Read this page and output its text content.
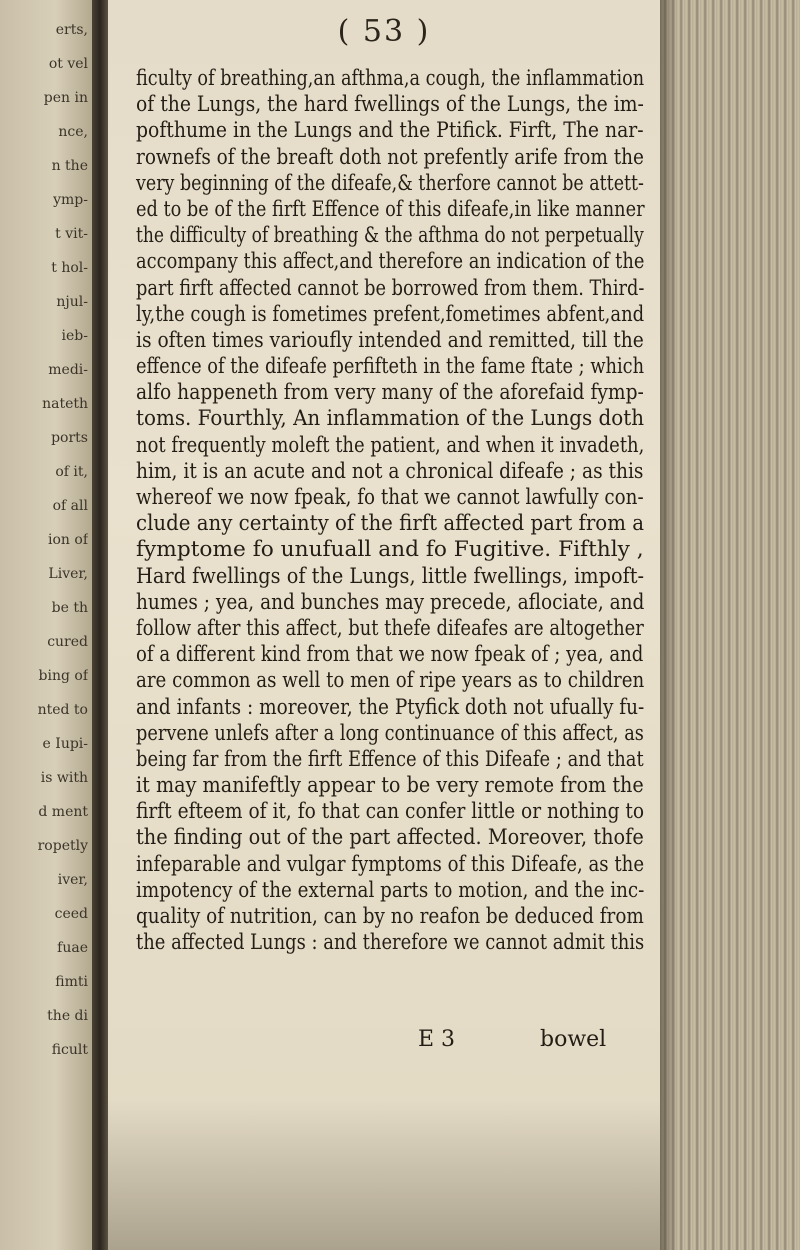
erts,
ot vel
pen in
nce,
n the
ymp-
t vit-
t hol-
njul-
ieb-
medi-
nateth
ports
of it,
of all
ion of
Liver,
be th
cured
bing of
nted to
e Iupi-
is with
d ment
ropetly
iver,
ceed
fuae
fimti
the di
ficult
( 53 )
ficulty of breathing,an afthma,a cough, the inflammation
of the Lungs, the hard fwellings of the Lungs, the im-
pofthume in the Lungs and the Ptifick. Firft, The nar-
rownefs of the breaft doth not prefently arife from the
very beginning of the difeafe,& therfore cannot be attett-
ed to be of the firft Effence of this difeafe,in like manner
the difficulty of breathing & the afthma do not perpetually
accompany this affect,and therefore an indication of the
part firft affected cannot be borrowed from them. Third-
ly,the cough is fometimes prefent,fometimes abfent,and
is often times varioufly intended and remitted, till the
effence of the difeafe perfifteth in the fame ftate ; which
alfo happeneth from very many of the aforefaid fymp-
toms. Fourthly, An inflammation of the Lungs doth
not frequently moleft the patient, and when it invadeth,
him, it is an acute and not a chronical difeafe ; as this
whereof we now fpeak, fo that we cannot lawfully con-
clude any certainty of the firft affected part from a
fymptome fo unufuall and fo Fugitive. Fifthly ,
Hard fwellings of the Lungs, little fwellings, impoft-
humes ; yea, and bunches may precede, aflociate, and
follow after this affect, but thefe difeafes are altogether
of a different kind from that we now fpeak of ; yea, and
are common as well to men of ripe years as to children
and infants : moreover, the Ptyfick doth not ufually fu-
pervene unlefs after a long continuance of this affect, as
being far from the firft Effence of this Difeafe ; and that
it may manifeftly appear to be very remote from the
firft efteem of it, fo that can confer little or nothing to
the finding out of the part affected. Moreover, thofe
infeparable and vulgar fymptoms of this Difeafe, as the
impotency of the external parts to motion, and the inc-
quality of nutrition, can by no reafon be deduced from
the affected Lungs : and therefore we cannot admit this
E 3	bowel
